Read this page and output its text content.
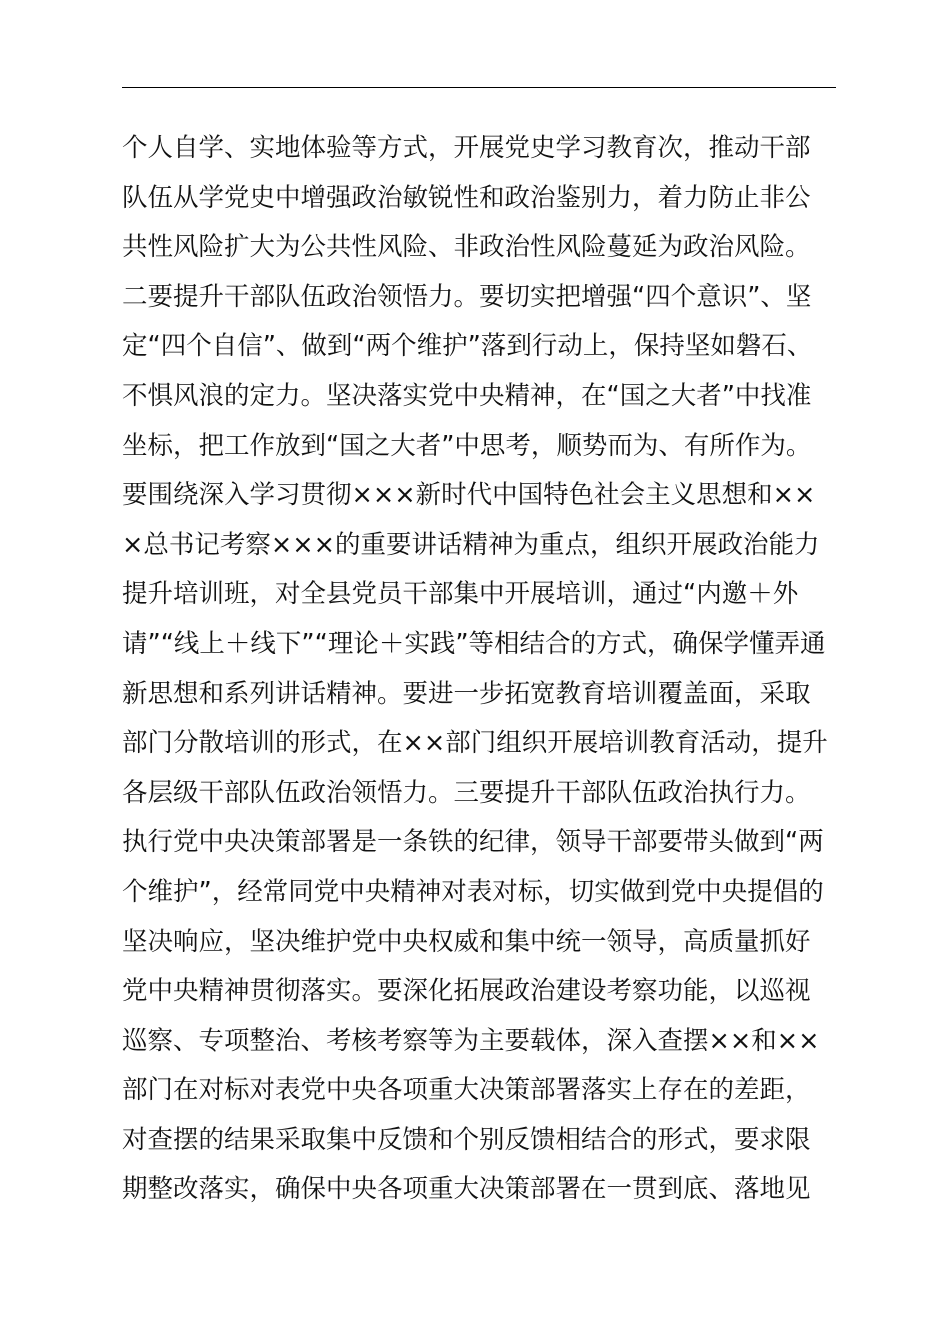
个人自学、实地体验等方式，开展党史学习教育次，推动干部
队伍从学党史中增强政治敏锐性和政治鉴别力，着力防止非公
共性风险扩大为公共性风险、非政治性风险蔓延为政治风险。
二要提升干部队伍政治领悟力。要切实把增强“四个意识”、坚
定“四个自信”、做到“两个维护”落到行动上，保持坚如磐石、
不惧风浪的定力。坚决落实党中央精神，在“国之大者”中找准
坐标，把工作放到“国之大者”中思考，顺势而为、有所作为。
要围绕深入学习贯彻×××新时代中国特色社会主义思想和××
×总书记考察×××的重要讲话精神为重点，组织开展政治能力
提升培训班，对全县党员干部集中开展培训，通过“内邀＋外
请”“线上＋线下”“理论＋实践”等相结合的方式，确保学懂弄通
新思想和系列讲话精神。要进一步拓宽教育培训覆盖面，采取
部门分散培训的形式，在××部门组织开展培训教育活动，提升
各层级干部队伍政治领悟力。三要提升干部队伍政治执行力。
执行党中央决策部署是一条铁的纪律，领导干部要带头做到“两
个维护”，经常同党中央精神对表对标，切实做到党中央提倡的
坚决响应，坚决维护党中央权威和集中统一领导，高质量抓好
党中央精神贯彻落实。要深化拓展政治建设考察功能，以巡视
巡察、专项整治、考核考察等为主要载体，深入查摆××和××
部门在对标对表党中央各项重大决策部署落实上存在的差距，
对查摆的结果采取集中反馈和个别反馈相结合的形式，要求限
期整改落实，确保中央各项重大决策部署在一贯到底、落地见
